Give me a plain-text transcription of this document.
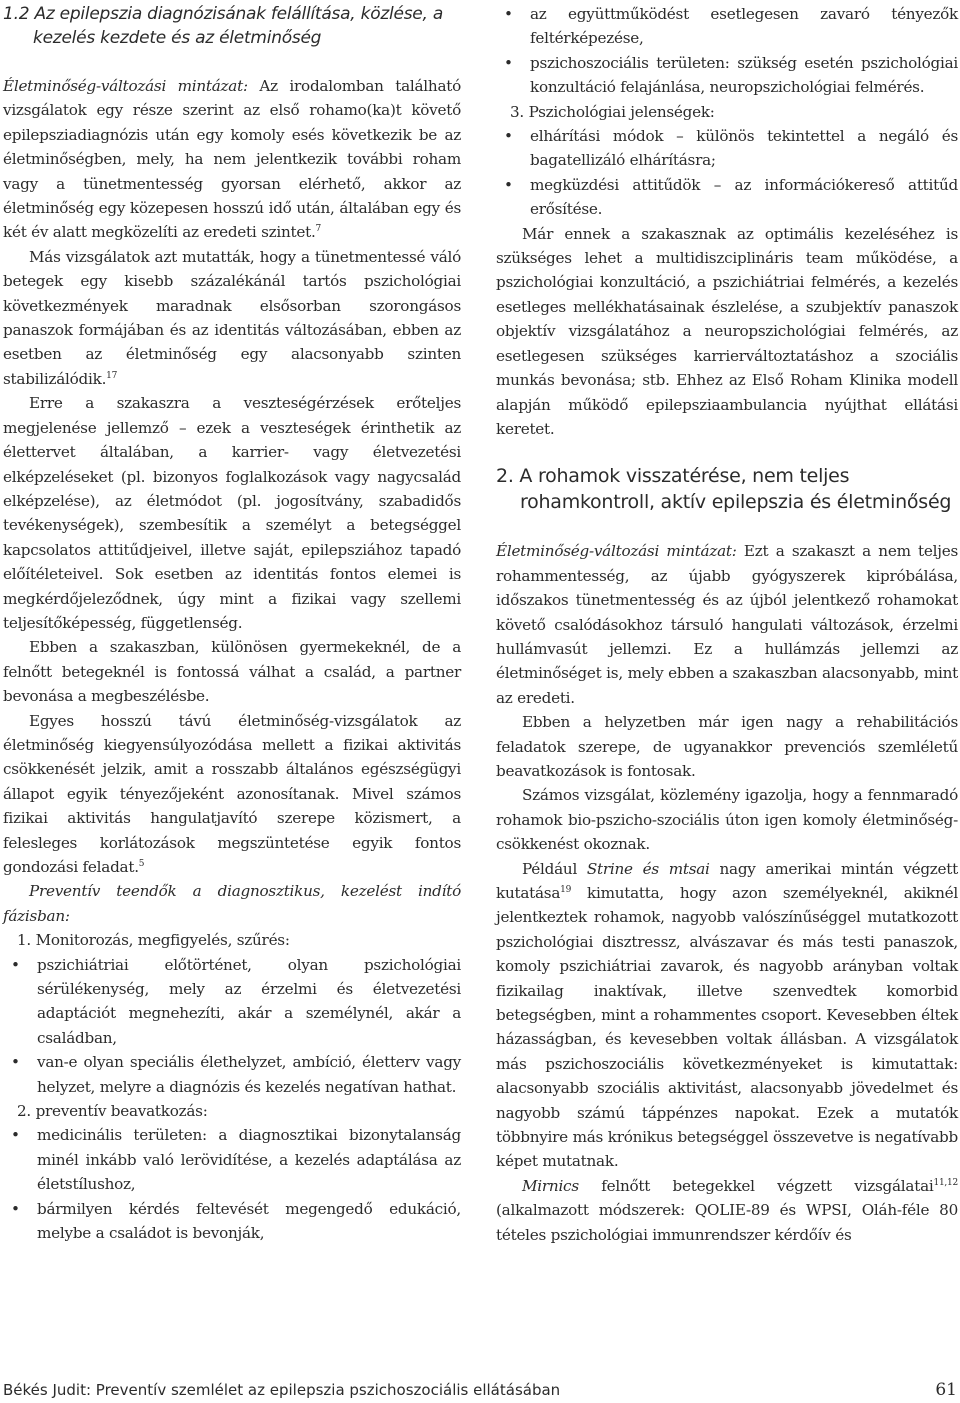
1.2 Az epilepszia diagnózisának felállítása, közlése, a kezelés kezdete és az életminőség

Életminőség-változási mintázat: Az irodalomban található vizsgálatok egy része szerint az első rohamo(ka)t követő epilepsziadiagnózis után egy komoly esés következik be az életminőségben, mely, ha nem jelentkezik további roham vagy a tünetmentesség gyorsan elérhető, akkor az életminőség egy közepesen hosszú idő után, általában egy és két év alatt megközelíti az eredeti szintet.$^7$

Más vizsgálatok azt mutatták, hogy a tünetmentessé váló betegek egy kisebb százalékánál tartós pszichológiai következmények maradnak elsősorban szorongásos panaszok formájában és az identitás változásában, ebben az esetben az életminőség egy alacsonyabb szinten stabilizálódik.$^{17}$

Erre a szakaszra a veszteségérzések erőteljes megjelenése jellemző – ezek a veszteségek érinthetik az élettervet általában, a karrier- vagy életvezetési elképzeléseket (pl. bizonyos foglalkozások vagy nagycsalád elképzelése), az életmódot (pl. jogosítvány, szabadidős tevékenységek), szembesítik a személyt a betegséggel kapcsolatos attitűdjeivel, illetve saját, epilepsziához tapadó előítéleteivel. Sok esetben az identitás fontos elemei is megkérdőjeleződnek, úgy mint a fizikai vagy szellemi teljesítőképesség, függetlenség.

Ebben a szakaszban, különösen gyermekeknél, de a felnőtt betegeknél is fontossá válhat a család, a partner bevonása a megbeszélésbe.

Egyes hosszú távú életminőség-vizsgálatok az életminőség kiegyensúlyozódása mellett a fizikai aktivitás csökkenését jelzik, amit a rosszabb általános egészségügyi állapot egyik tényezőjeként azonosítanak. Mivel számos fizikai aktivitás hangulatjavító szerepe közismert, a felesleges korlátozások megszüntetése egyik fontos gondozási feladat.$^5$

Preventív teendők a diagnosztikus, kezelést indító fázisban:

1. Monitorozás, megfigyelés, szűrés:

• pszichiátriai előtörténet, olyan pszichológiai sérülékenység, mely az érzelmi és életvezetési adaptációt megnehezíti, akár a személynél, akár a családban,
• van-e olyan speciális élethelyzet, ambíció, életterv vagy helyzet, melyre a diagnózis és kezelés negatívan hathat.

2. preventív beavatkozás:

• medicinális területen: a diagnosztikai bizonytalanság minél inkább való lerövidítése, a kezelés adaptálása az életstílushoz,
• bármilyen kérdés feltevését megengedő edukáció, melybe a családot is bevonják,
• az együttműködést esetlegesen zavaró tényezők feltérképezése,
• pszichoszociális területen: szükség esetén pszichológiai konzultáció felajánlása, neuropszichológiai felmérés.

3. Pszichológiai jelenségek:

• elhárítási módok – különös tekintettel a negáló és bagatellizáló elhárításra;
• megküzdési attitűdök – az információkereső attitűd erősítése.

Már ennek a szakasznak az optimális kezeléséhez is szükséges lehet a multidiszciplináris team működése, a pszichológiai konzultáció, a pszichiátriai felmérés, a kezelés esetleges mellékhatásainak észlelése, a szubjektív panaszok objektív vizsgálatához a neuropszichológiai felmérés, az esetlegesen szükséges karrierváltoztatáshoz a szociális munkás bevonása; stb. Ehhez az Első Roham Klinika modell alapján működő epilepsziaambulancia nyújthat ellátási keretet.

2. A rohamok visszatérése, nem teljes rohamkontroll, aktív epilepszia és életminőség

Életminőség-változási mintázat: Ezt a szakaszt a nem teljes rohammentesség, az újabb gyógyszerek kipróbálása, időszakos tünetmentesség és az újból jelentkező rohamokat követő csalódásokhoz társuló hangulati változások, érzelmi hullámvasút jellemzi. Ez a hullámzás jellemzi az életminőséget is, mely ebben a szakaszban alacsonyabb, mint az eredeti.

Ebben a helyzetben már igen nagy a rehabilitációs feladatok szerepe, de ugyanakkor prevenciós szemléletű beavatkozások is fontosak.

Számos vizsgálat, közlemény igazolja, hogy a fennmaradó rohamok bio-pszicho-szociális úton igen komoly életminőség-csökkenést okoznak.

Például Strine és mtsai nagy amerikai mintán végzett kutatása$^{19}$ kimutatta, hogy azon személyeknél, akiknél jelentkeztek rohamok, nagyobb valószínűséggel mutatkozott pszichológiai disztressz, alvászavar és más testi panaszok, komoly pszichiátriai zavarok, és nagyobb arányban voltak fizikailag inaktívak, illetve szenvedtek komorbid betegségben, mint a rohammentes csoport. Kevesebben éltek házasságban, és kevesebben voltak állásban. A vizsgálatok más pszichoszociális következményeket is kimutattak: alacsonyabb szociális aktivitást, alacsonyabb jövedelmet és nagyobb számú táppénzes napokat. Ezek a mutatók többnyire más krónikus betegséggel összevetve is negatívabb képet mutatnak.

Mirnics felnőtt betegekkel végzett vizsgálatai$^{11,12}$ (alkalmazott módszerek: QOLIE-89 és WPSI, Oláh-féle 80 tételes pszichológiai immunrendszer kérdőív és

Békés Judit: Preventív szemlélet az epilepszia pszichoszociális ellátásában	61
